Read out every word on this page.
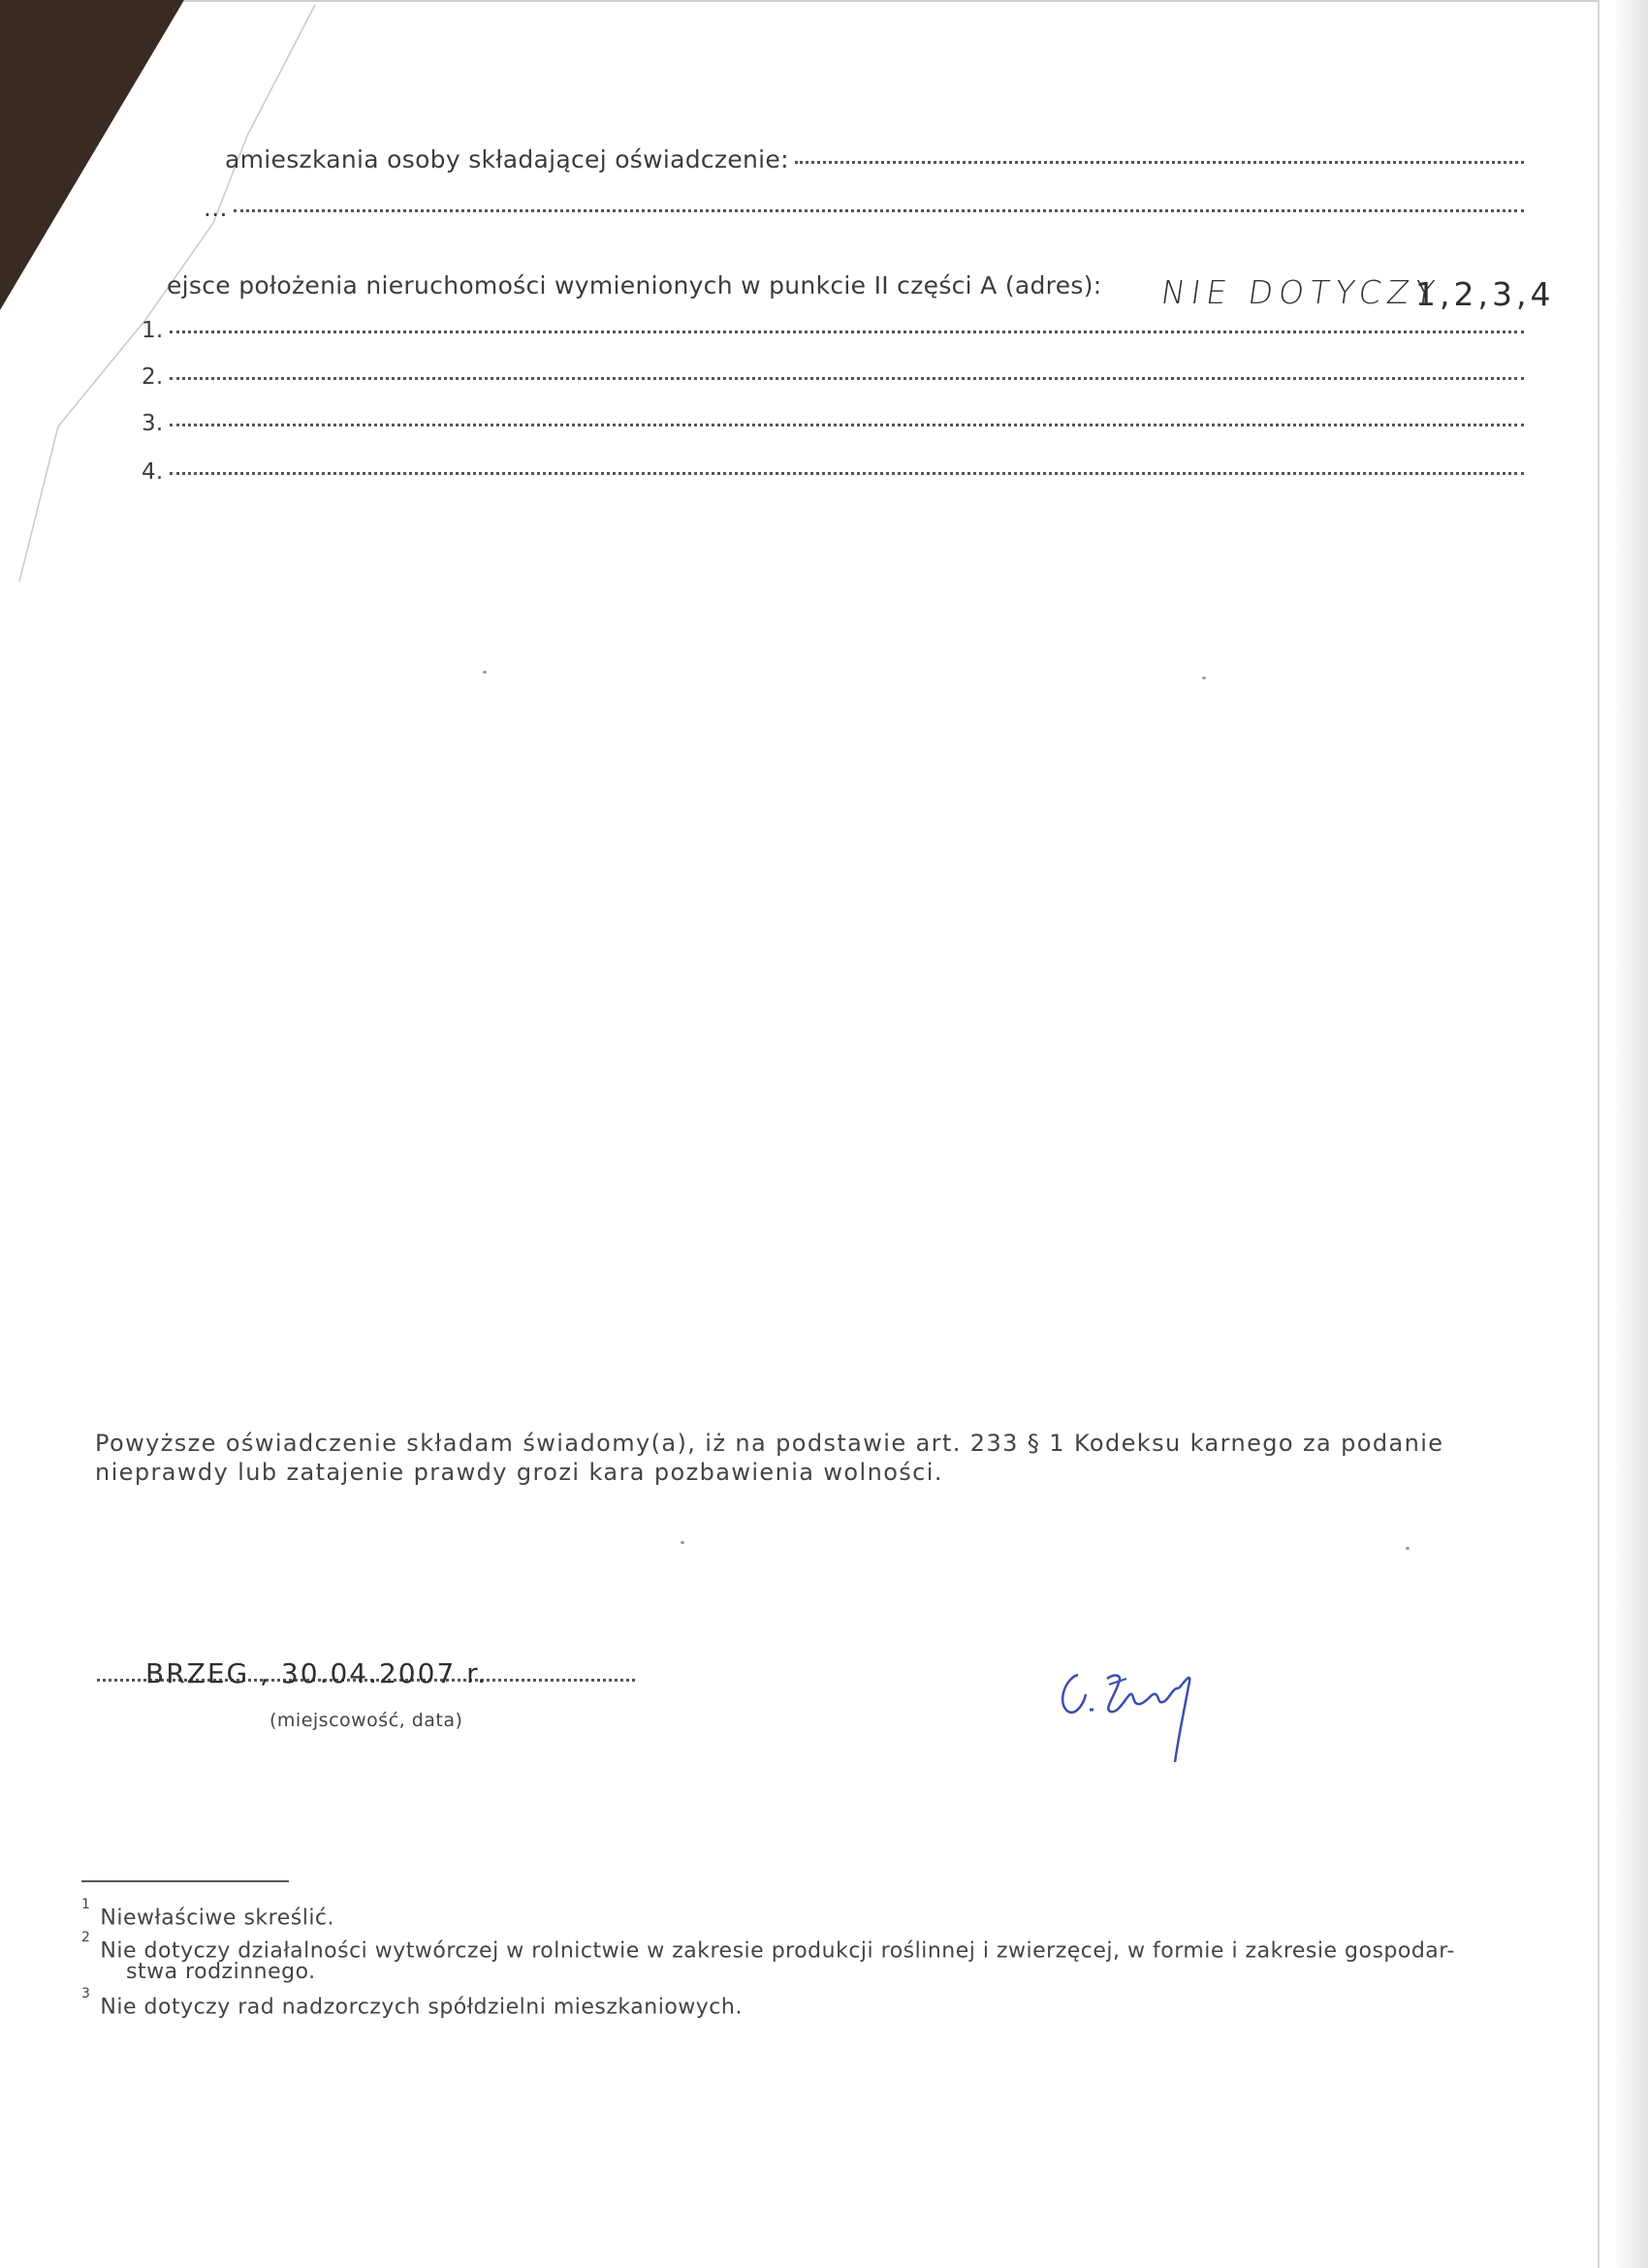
amieszkania osoby składającej oświadczenie:
...
ejsce położenia nieruchomości wymienionych w punkcie II części A (adres): NIE DOTYCZY
1,2,3,4
1.
2.
3.
4.
Powyższe oświadczenie składam świadomy(a), iż na podstawie art. 233 § 1 Kodeksu karnego za podanie nieprawdy lub zatajenie prawdy grozi kara pozbawienia wolności.
BRZEG , 30.04.2007 r.
(miejscowość, data)
$^1$Niewłaściwe skreślić.
$^2$Nie dotyczy działalności wytwórczej w rolnictwie w zakresie produkcji roślinnej i zwierzęcej, w formie i zakresie gospodar-
stwa rodzinnego.
$^3$Nie dotyczy rad nadzorczych spółdzielni mieszkaniowych.
